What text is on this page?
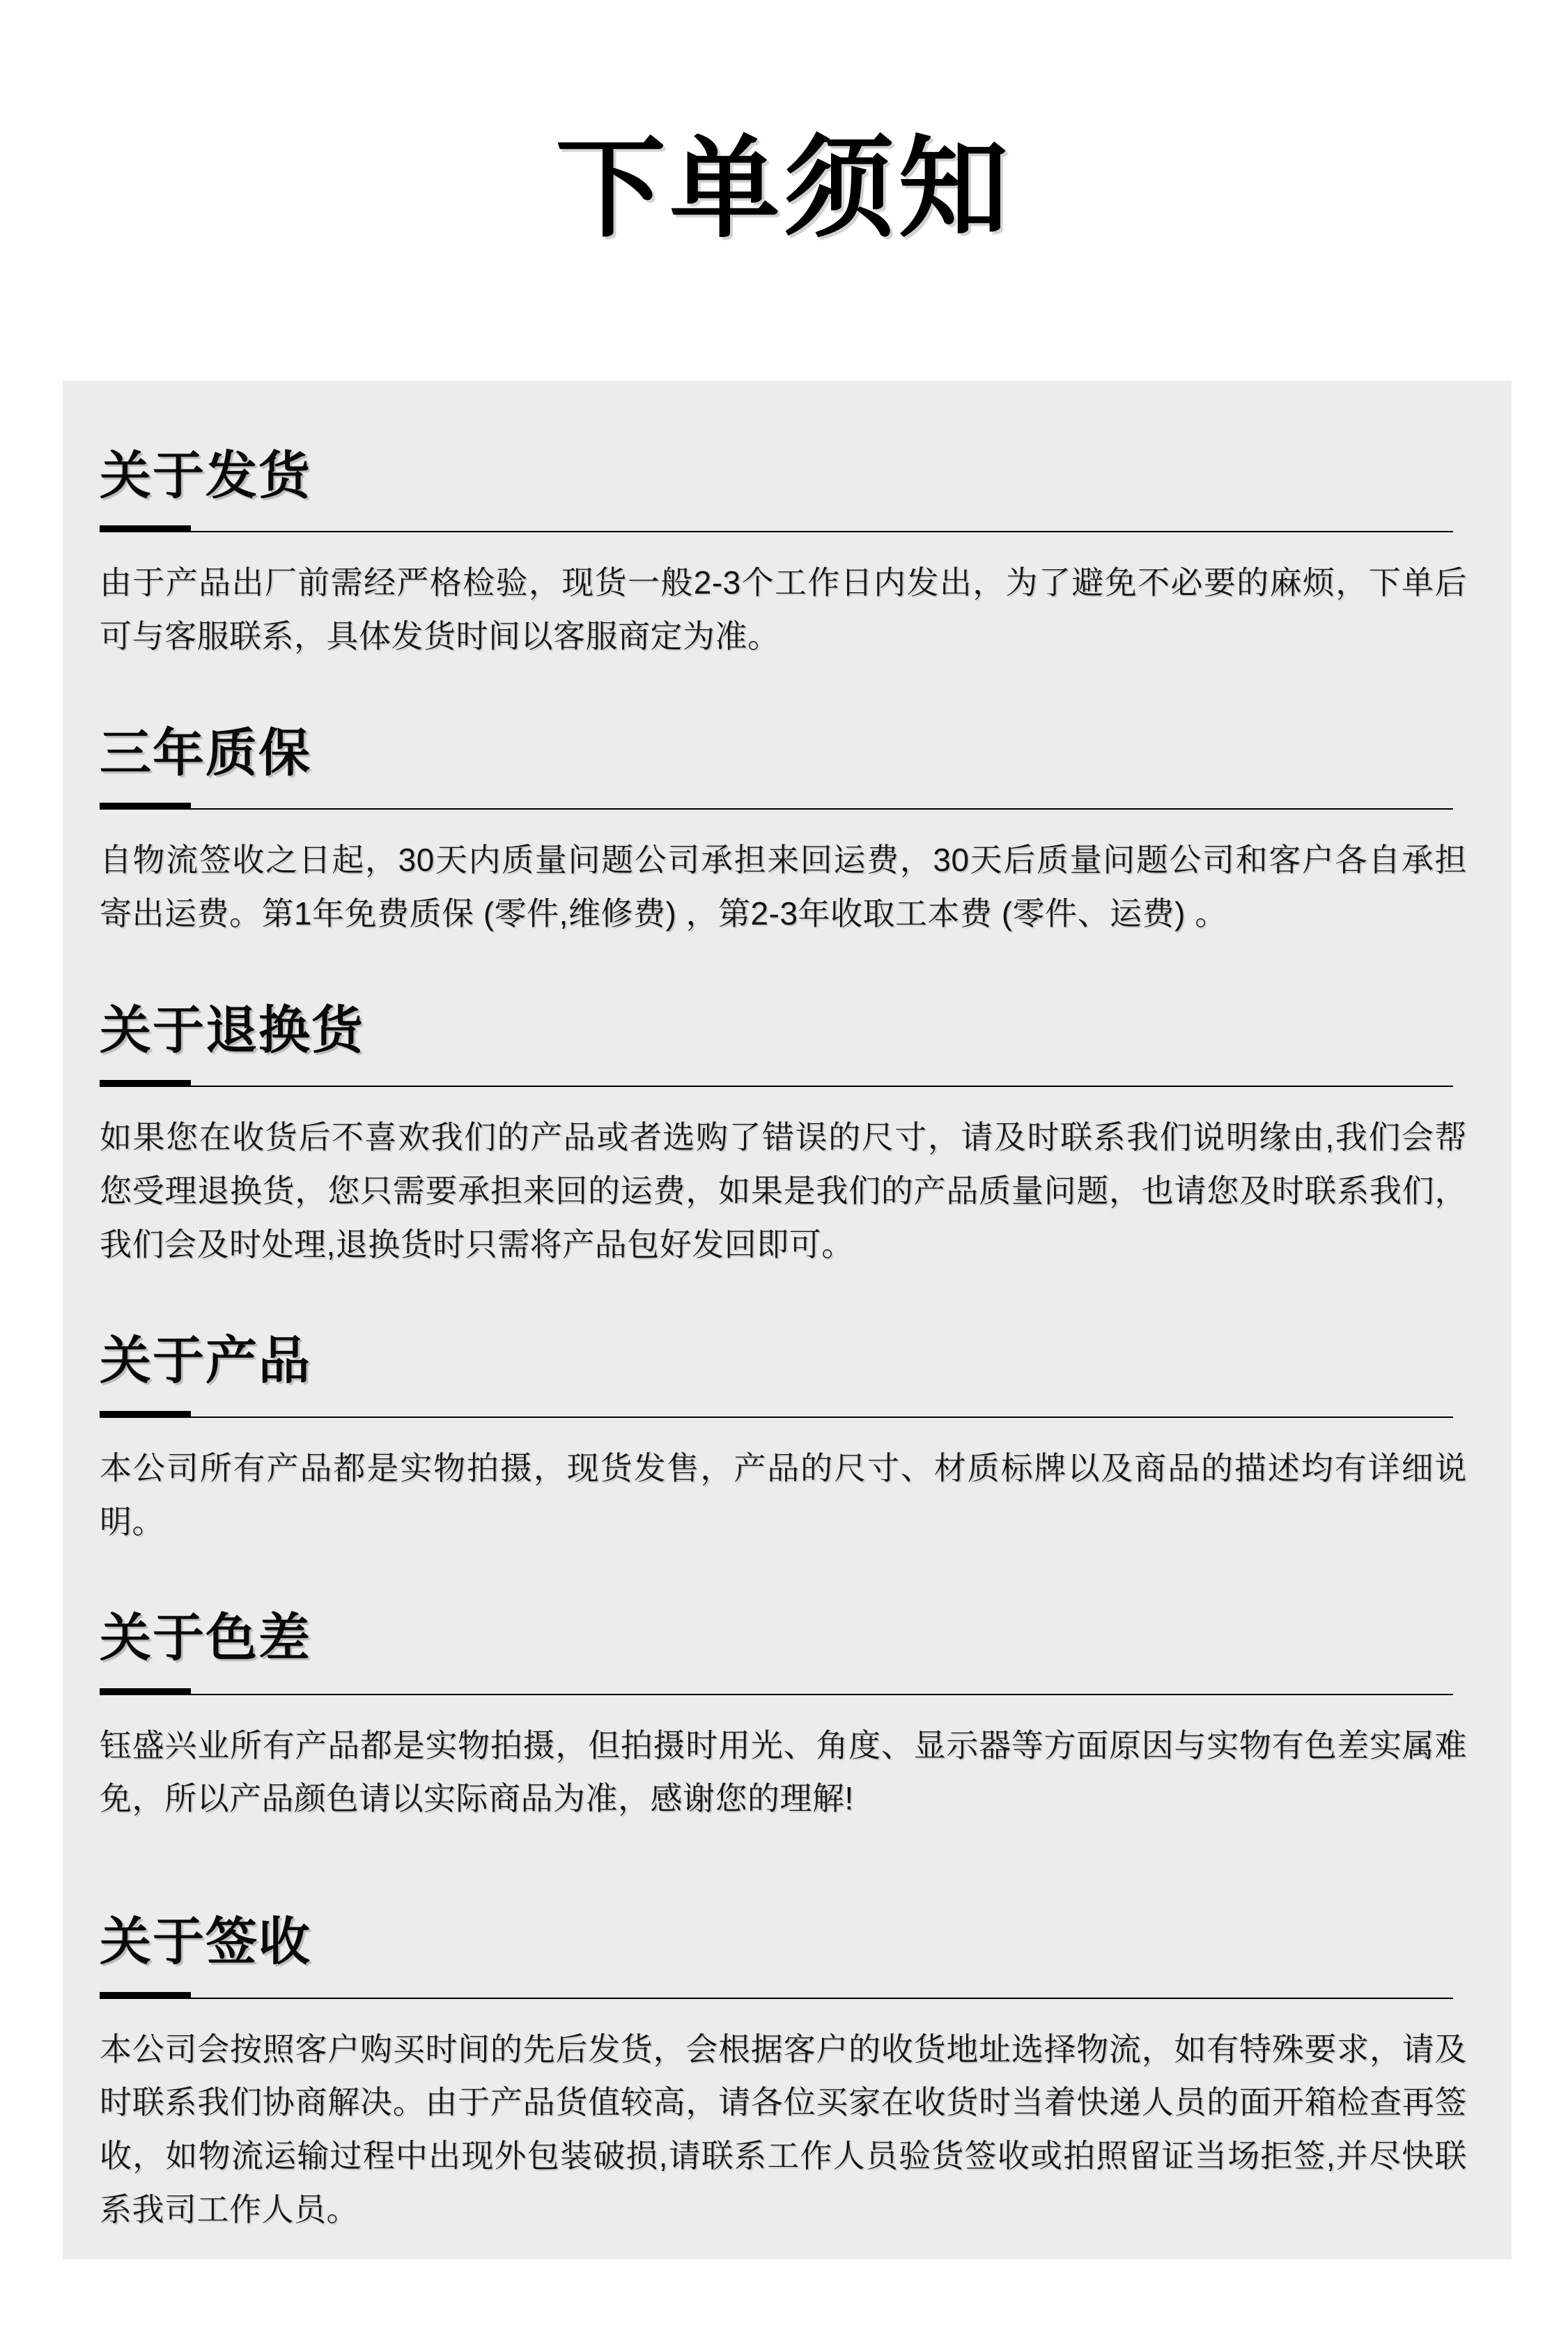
下单须知
关于发货
由于产品出厂前需经严格检验，现货一般2-3个工作日内发出，为了避免不必要的麻烦，下单后可与客服联系，具体发货时间以客服商定为准。
三年质保
自物流签收之日起，30天内质量问题公司承担来回运费，30天后质量问题公司和客户各自承担寄出运费。第1年免费质保 (零件,维修费) ，第2-3年收取工本费 (零件、运费) 。
关于退换货
如果您在收货后不喜欢我们的产品或者选购了错误的尺寸，请及时联系我们说明缘由,我们会帮您受理退换货，您只需要承担来回的运费，如果是我们的产品质量问题，也请您及时联系我们，我们会及时处理,退换货时只需将产品包好发回即可。
关于产品
本公司所有产品都是实物拍摄，现货发售，产品的尺寸、材质标牌以及商品的描述均有详细说明。
关于色差
钰盛兴业所有产品都是实物拍摄，但拍摄时用光、角度、显示器等方面原因与实物有色差实属难免，所以产品颜色请以实际商品为准，感谢您的理解!
关于签收
本公司会按照客户购买时间的先后发货，会根据客户的收货地址选择物流，如有特殊要求，请及时联系我们协商解决。由于产品货值较高，请各位买家在收货时当着快递人员的面开箱检查再签收，如物流运输过程中出现外包装破损,请联系工作人员验货签收或拍照留证当场拒签,并尽快联系我司工作人员。
